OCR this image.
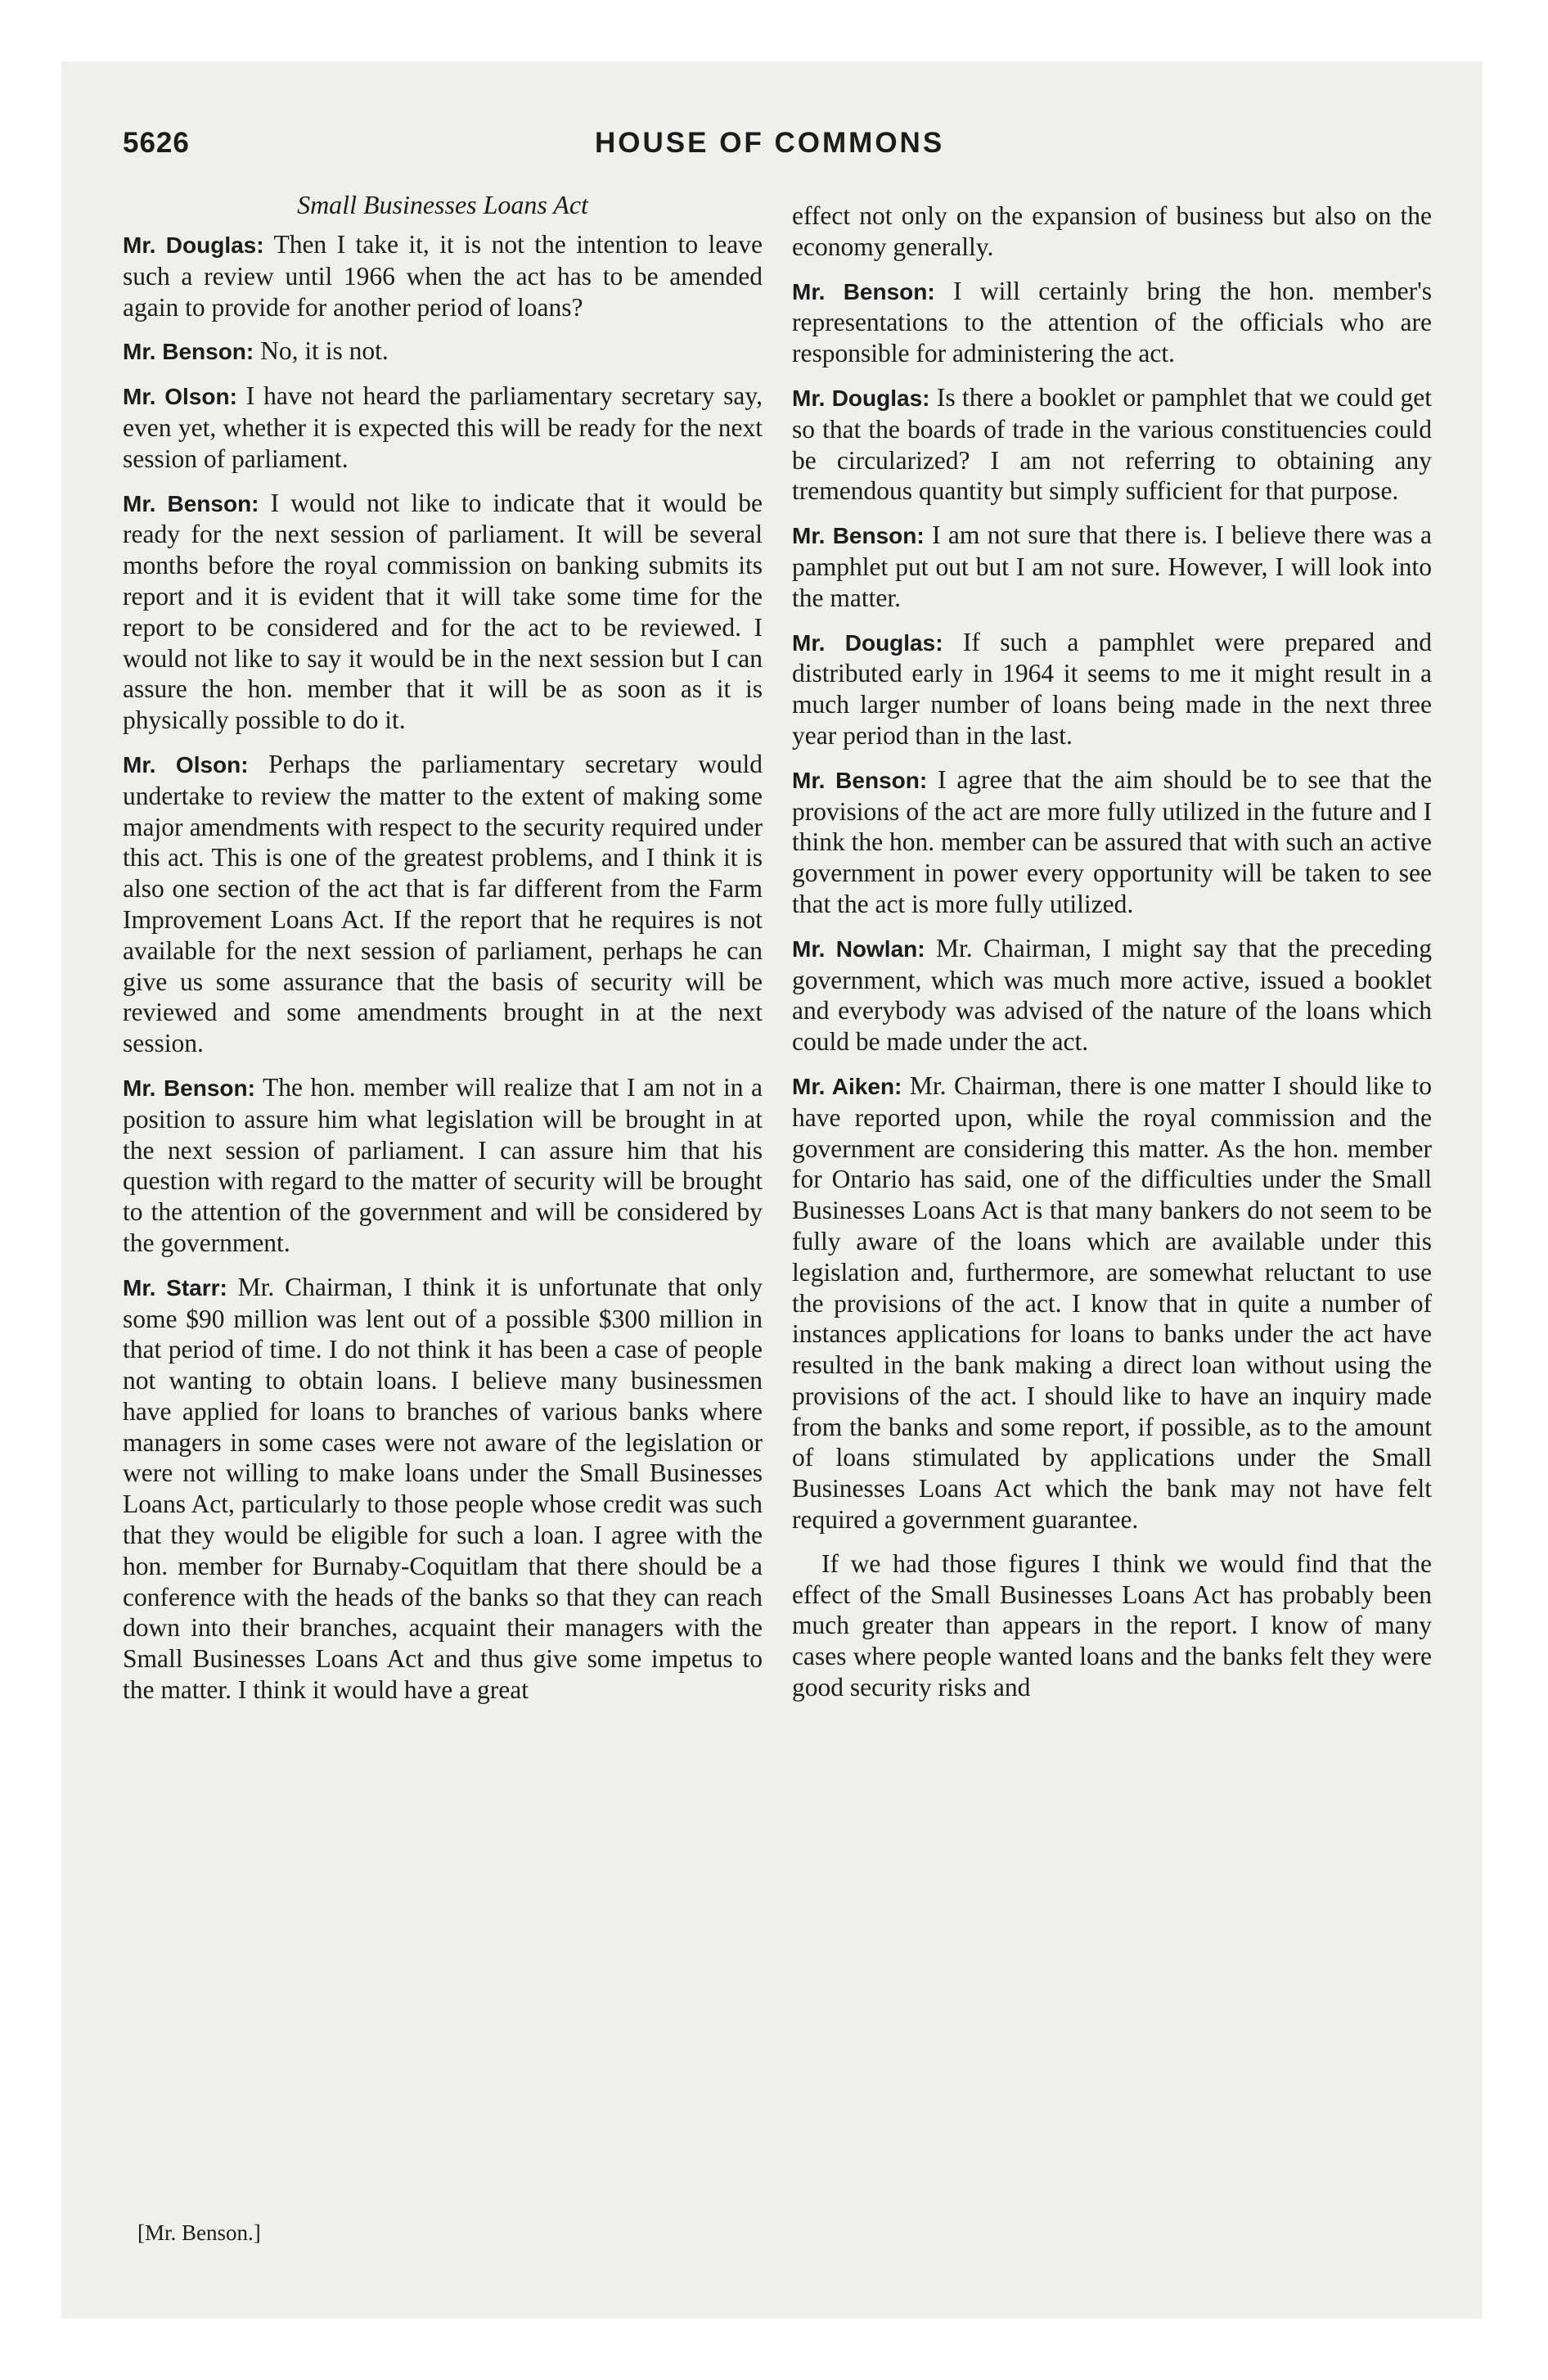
5626	HOUSE OF COMMONS
Small Businesses Loans Act

Mr. Douglas: Then I take it, it is not the intention to leave such a review until 1966 when the act has to be amended again to provide for another period of loans?

Mr. Benson: No, it is not.

Mr. Olson: I have not heard the parliamentary secretary say, even yet, whether it is expected this will be ready for the next session of parliament.

Mr. Benson: I would not like to indicate that it would be ready for the next session of parliament. It will be several months before the royal commission on banking submits its report and it is evident that it will take some time for the report to be considered and for the act to be reviewed. I would not like to say it would be in the next session but I can assure the hon. member that it will be as soon as it is physically possible to do it.

Mr. Olson: Perhaps the parliamentary secretary would undertake to review the matter to the extent of making some major amendments with respect to the security required under this act. This is one of the greatest problems, and I think it is also one section of the act that is far different from the Farm Improvement Loans Act. If the report that he requires is not available for the next session of parliament, perhaps he can give us some assurance that the basis of security will be reviewed and some amendments brought in at the next session.

Mr. Benson: The hon. member will realize that I am not in a position to assure him what legislation will be brought in at the next session of parliament. I can assure him that his question with regard to the matter of security will be brought to the attention of the government and will be considered by the government.

Mr. Starr: Mr. Chairman, I think it is unfortunate that only some $90 million was lent out of a possible $300 million in that period of time. I do not think it has been a case of people not wanting to obtain loans. I believe many businessmen have applied for loans to branches of various banks where managers in some cases were not aware of the legislation or were not willing to make loans under the Small Businesses Loans Act, particularly to those people whose credit was such that they would be eligible for such a loan. I agree with the hon. member for Burnaby-Coquitlam that there should be a conference with the heads of the banks so that they can reach down into their branches, acquaint their managers with the Small Businesses Loans Act and thus give some impetus to the matter. I think it would have a great

effect not only on the expansion of business but also on the economy generally.

Mr. Benson: I will certainly bring the hon. member's representations to the attention of the officials who are responsible for administering the act.

Mr. Douglas: Is there a booklet or pamphlet that we could get so that the boards of trade in the various constituencies could be circularized? I am not referring to obtaining any tremendous quantity but simply sufficient for that purpose.

Mr. Benson: I am not sure that there is. I believe there was a pamphlet put out but I am not sure. However, I will look into the matter.

Mr. Douglas: If such a pamphlet were prepared and distributed early in 1964 it seems to me it might result in a much larger number of loans being made in the next three year period than in the last.

Mr. Benson: I agree that the aim should be to see that the provisions of the act are more fully utilized in the future and I think the hon. member can be assured that with such an active government in power every opportunity will be taken to see that the act is more fully utilized.

Mr. Nowlan: Mr. Chairman, I might say that the preceding government, which was much more active, issued a booklet and everybody was advised of the nature of the loans which could be made under the act.

Mr. Aiken: Mr. Chairman, there is one matter I should like to have reported upon, while the royal commission and the government are considering this matter. As the hon. member for Ontario has said, one of the difficulties under the Small Businesses Loans Act is that many bankers do not seem to be fully aware of the loans which are available under this legislation and, furthermore, are somewhat reluctant to use the provisions of the act. I know that in quite a number of instances applications for loans to banks under the act have resulted in the bank making a direct loan without using the provisions of the act. I should like to have an inquiry made from the banks and some report, if possible, as to the amount of loans stimulated by applications under the Small Businesses Loans Act which the bank may not have felt required a government guarantee.

If we had those figures I think we would find that the effect of the Small Businesses Loans Act has probably been much greater than appears in the report. I know of many cases where people wanted loans and the banks felt they were good security risks and

[Mr. Benson.]
